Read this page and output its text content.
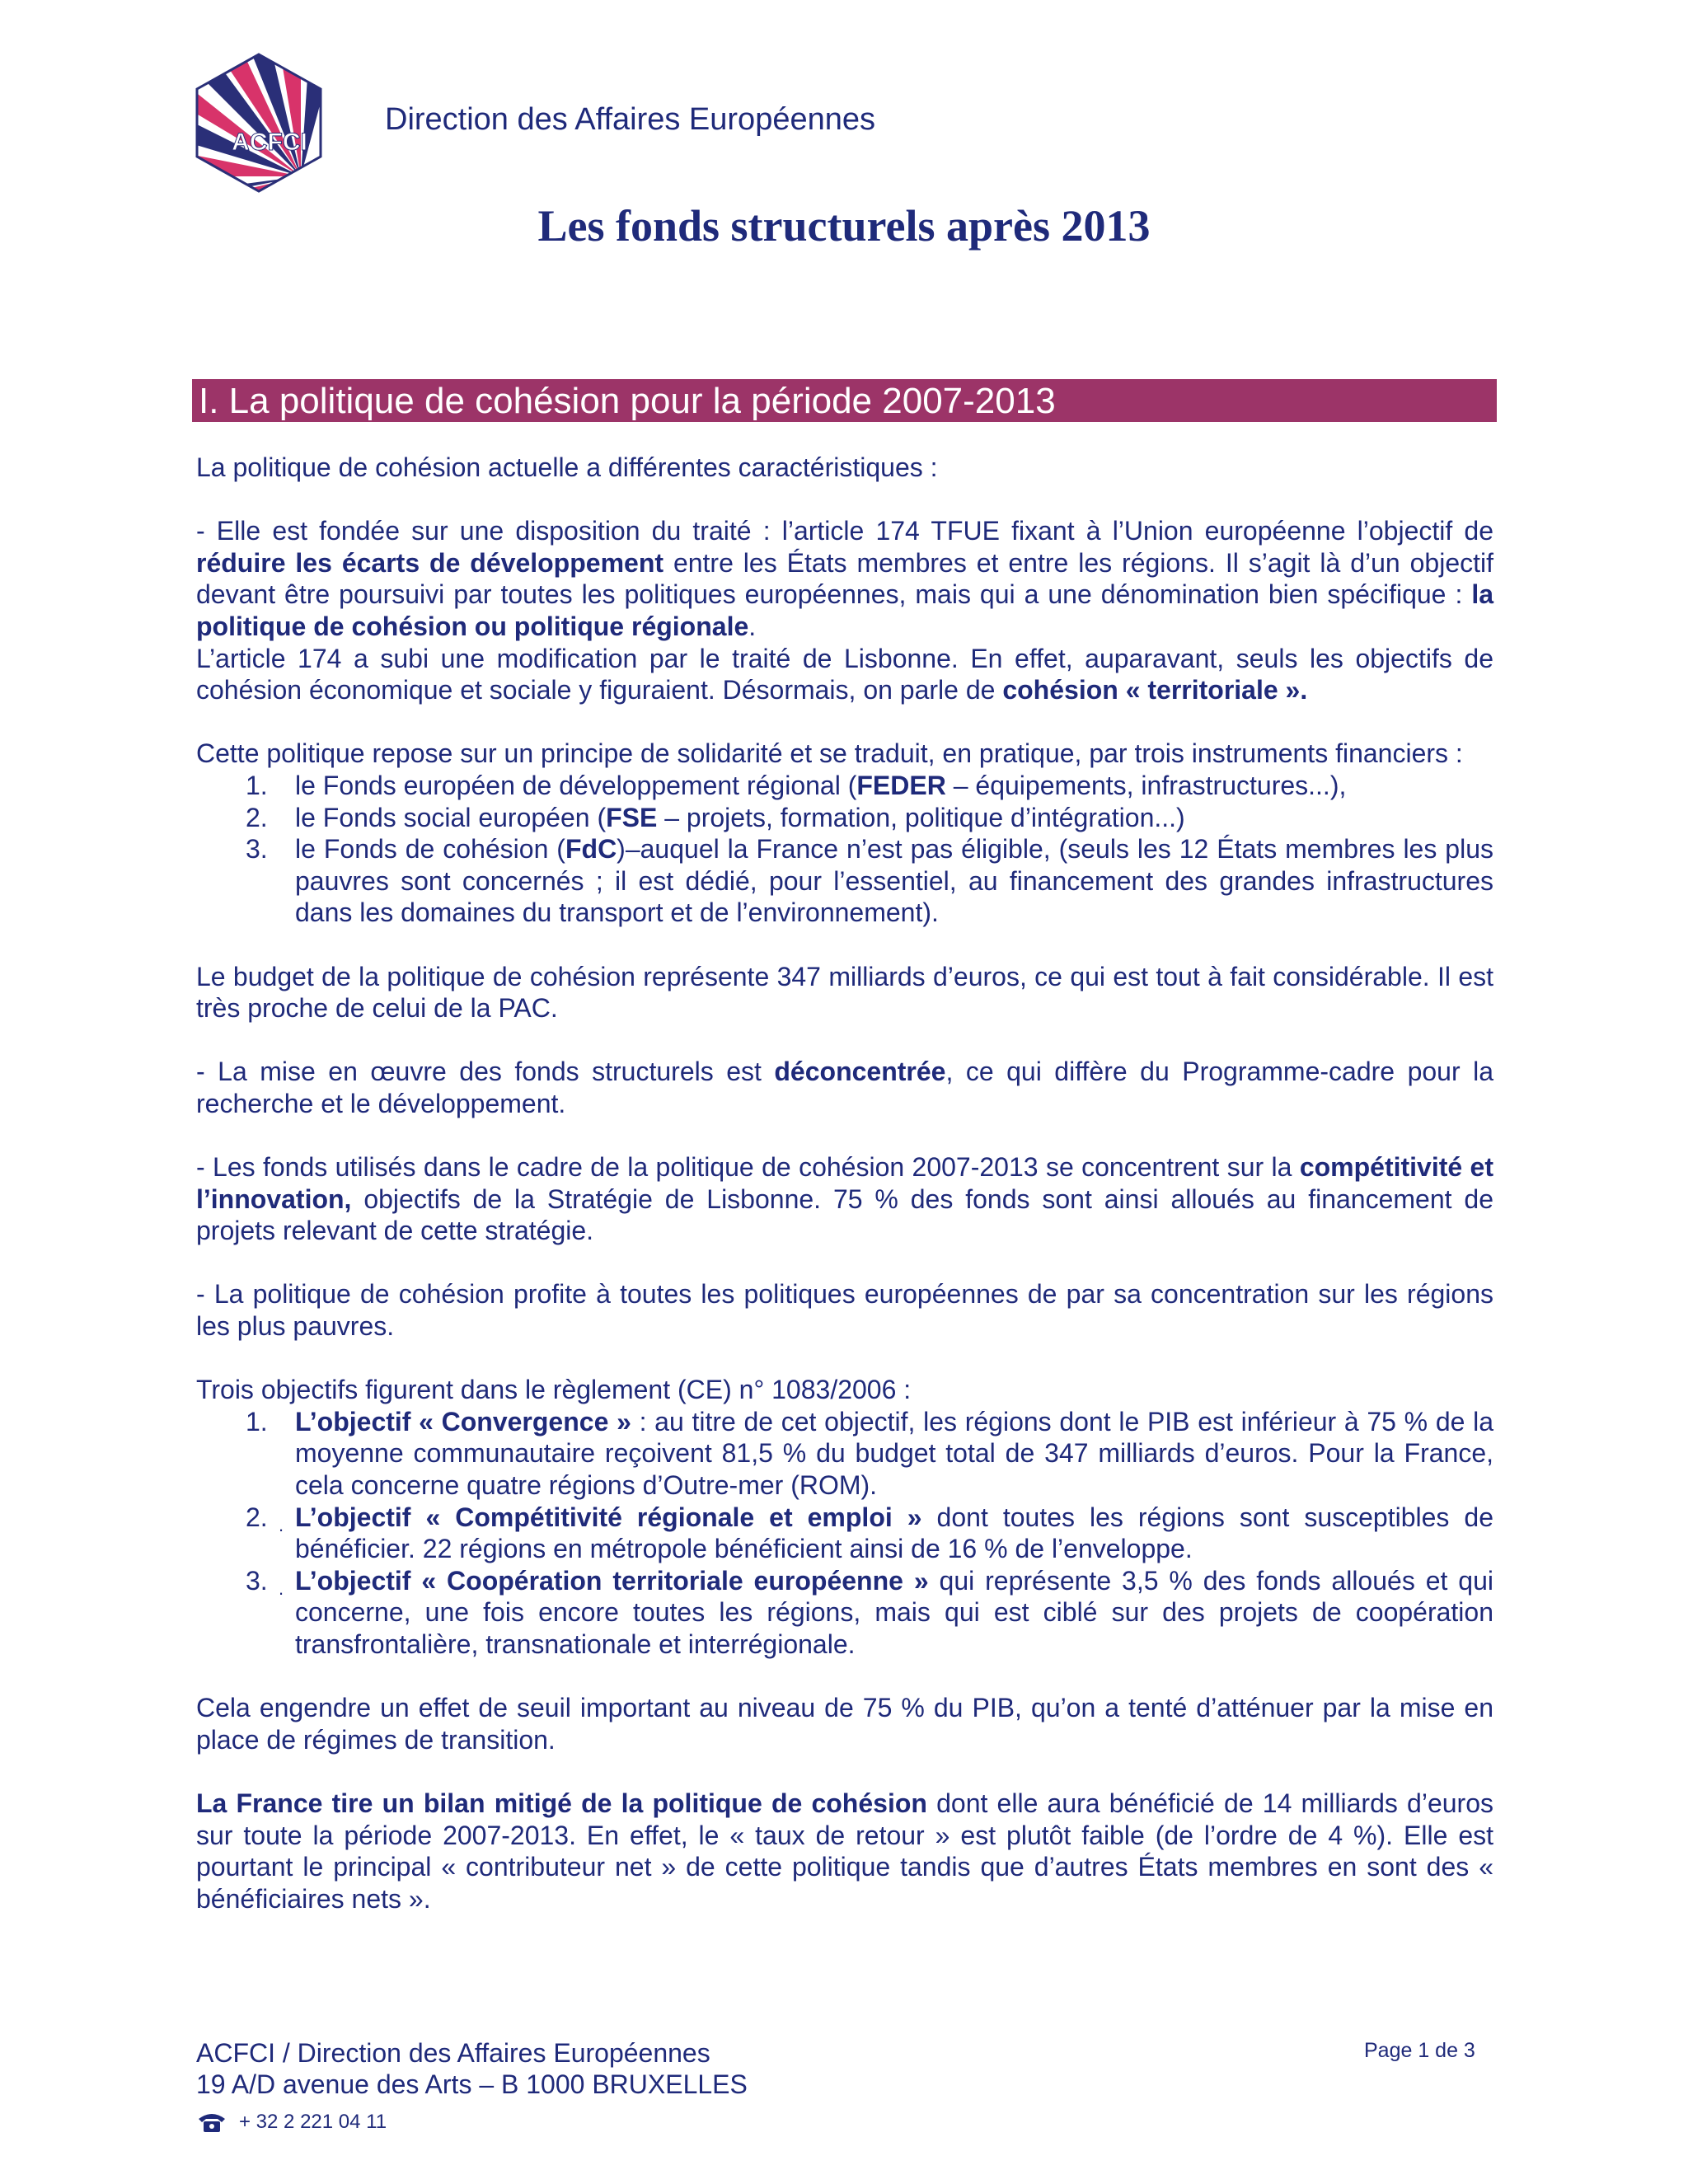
ACFCI
Direction des Affaires Européennes
Les fonds structurels après 2013
I. La politique de cohésion pour la période 2007-2013

La politique de cohésion actuelle a différentes caractéristiques :

- Elle est fondée sur une disposition du traité : l’article 174 TFUE fixant à l’Union européenne l’objectif de réduire les écarts de développement entre les États membres et entre les régions. Il s’agit là d’un objectif devant être poursuivi par toutes les politiques européennes, mais qui a une dénomination bien spécifique : la politique de cohésion ou politique régionale.

L’article 174 a subi une modification par le traité de Lisbonne. En effet, auparavant, seuls les objectifs de cohésion économique et sociale y figuraient. Désormais, on parle de cohésion « territoriale ».

Cette politique repose sur un principe de solidarité et se traduit, en pratique, par trois instruments financiers :

1. le Fonds européen de développement régional (FEDER – équipements, infrastructures...),
2. le Fonds social européen (FSE – projets, formation, politique d’intégration...)
3. le Fonds de cohésion (FdC)–auquel la France n’est pas éligible, (seuls les 12 États membres les plus pauvres sont concernés ; il est dédié, pour l’essentiel, au financement des grandes infrastructures dans les domaines du transport et de l’environnement).

Le budget de la politique de cohésion représente 347 milliards d’euros, ce qui est tout à fait considérable. Il est très proche de celui de la PAC.

- La mise en œuvre des fonds structurels est déconcentrée, ce qui diffère du Programme-cadre pour la recherche et le développement.

- Les fonds utilisés dans le cadre de la politique de cohésion 2007-2013 se concentrent sur la compétitivité et l’innovation, objectifs de la Stratégie de Lisbonne. 75 % des fonds sont ainsi alloués au financement de projets relevant de cette stratégie.

- La politique de cohésion profite à toutes les politiques européennes de par sa concentration sur les régions les plus pauvres.

Trois objectifs figurent dans le règlement (CE) n° 1083/2006 :

1. L’objectif « Convergence » : au titre de cet objectif, les régions dont le PIB est inférieur à 75 % de la moyenne communautaire reçoivent 81,5 % du budget total de 347 milliards d’euros. Pour la France, cela concerne quatre régions d’Outre-mer (ROM).
2. . L’objectif « Compétitivité régionale et emploi » dont toutes les régions sont susceptibles de bénéficier. 22 régions en métropole bénéficient ainsi de 16 % de l’enveloppe.
3. . L’objectif « Coopération territoriale européenne » qui représente 3,5 % des fonds alloués et qui concerne, une fois encore toutes les régions, mais qui est ciblé sur des projets de coopération transfrontalière, transnationale et interrégionale.

Cela engendre un effet de seuil important au niveau de 75 % du PIB, qu’on a tenté d’atténuer par la mise en place de régimes de transition.

La France tire un bilan mitigé de la politique de cohésion dont elle aura bénéficié de 14 milliards d’euros sur toute la période 2007-2013. En effet, le « taux de retour » est plutôt faible (de l’ordre de 4 %). Elle est pourtant le principal « contributeur net » de cette politique tandis que d’autres États membres en sont des « bénéficiaires nets ».

ACFCI / Direction des Affaires Européennes
19 A/D avenue des Arts – B 1000 BRUXELLES
+ 32 2 221 04 11
Page 1 de 3
